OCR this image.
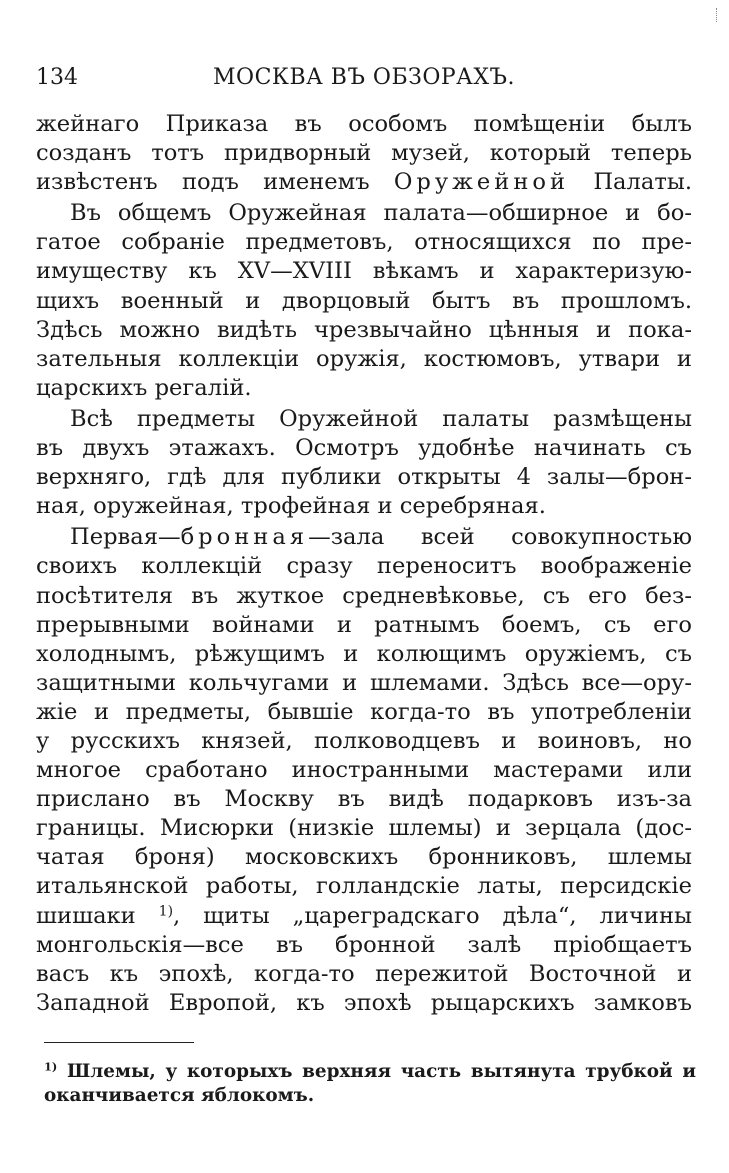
134	МОСКВА ВЪ ОБЗОРАХЪ.
жейнаго Приказа въ особомъ помѣщеніи былъ
созданъ тотъ придворный музей, который теперь
извѣстенъ подъ именемъ Оружейной Палаты.
Въ общемъ Оружейная палата—обширное и бо-
гатое собраніе предметовъ, относящихся по пре-
имуществу къ XV—XVIII вѣкамъ и характеризую-
щихъ военный и дворцовый бытъ въ прошломъ.
Здѣсь можно видѣть чрезвычайно цѣнныя и пока-
зательныя коллекціи оружія, костюмовъ, утвари и
царскихъ регалій.
Всѣ предметы Оружейной палаты размѣщены
въ двухъ этажахъ. Осмотръ удобнѣе начинать съ
верхняго, гдѣ для публики открыты 4 залы—брон-
ная, оружейная, трофейная и серебряная.
Первая—бронная—зала всей совокупностью
своихъ коллекцій сразу переноситъ воображеніе
посѣтителя въ жуткое средневѣковье, съ его без-
прерывными войнами и ратнымъ боемъ, съ его
холоднымъ, рѣжущимъ и колющимъ оружіемъ, съ
защитными кольчугами и шлемами. Здѣсь все—ору-
жіе и предметы, бывшіе когда-то въ употребленіи
у русскихъ князей, полководцевъ и воиновъ, но
многое сработано иностранными мастерами или
прислано въ Москву въ видѣ подарковъ изъ-за
границы. Мисюрки (низкіе шлемы) и зерцала (дос-
чатая броня) московскихъ бронниковъ, шлемы
итальянской работы, голландскіе латы, персидскіе
шишаки $^{1)}$, щиты „цареградскаго дѣла“, личины
монгольскія—все въ бронной залѣ пріобщаетъ
васъ къ эпохѣ, когда-то пережитой Восточной и
Западной Европой, къ эпохѣ рыцарскихъ замковъ
$^{1)}$ Шлемы, у которыхъ верхняя часть вытянута трубкой и
оканчивается яблокомъ.
